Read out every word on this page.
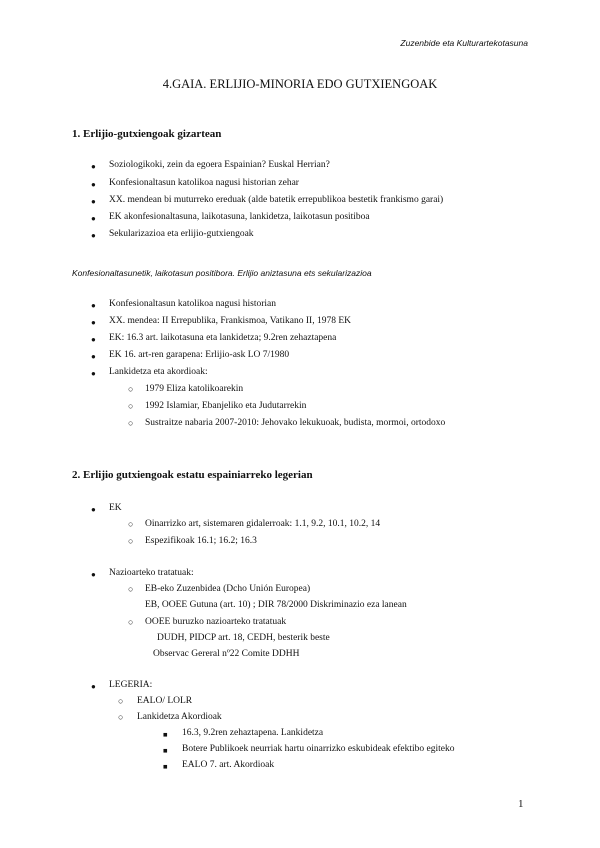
Zuzenbide eta Kulturartekotasuna
4.GAIA. ERLIJIO-MINORIA EDO GUTXIENGOAK
1. Erlijio-gutxiengoak gizartean
● Soziologikoki, zein da egoera Espainian? Euskal Herrian?
● Konfesionaltasun katolikoa nagusi historian zehar
● XX. mendean bi muturreko ereduak (alde batetik errepublikoa bestetik frankismo garai)
● EK akonfesionaltasuna, laikotasuna, lankidetza, laikotasun positiboa
● Sekularizazioa eta erlijio-gutxiengoak
Konfesionaltasunetik, laikotasun positibora. Erlijio aniztasuna ets sekularizazioa
● Konfesionaltasun katolikoa nagusi historian
● XX. mendea: II Errepublika, Frankismoa, Vatikano II, 1978 EK
● EK: 16.3 art. laikotasuna eta lankidetza; 9.2ren zehaztapena
● EK 16. art-ren garapena: Erlijio-ask LO 7/1980
● Lankidetza eta akordioak:
○ 1979 Eliza katolikoarekin
○ 1992 Islamiar, Ebanjeliko eta Judutarrekin
○ Sustraitze nabaria 2007-2010: Jehovako lekukuoak, budista, mormoi, ortodoxo
2. Erlijio gutxiengoak estatu espainiarreko legerian
● EK
○ Oinarrizko art, sistemaren gidalerroak: 1.1, 9.2, 10.1, 10.2, 14
○ Espezifikoak 16.1; 16.2; 16.3
● Nazioarteko tratatuak:
○ EB-eko Zuzenbidea (Dcho Unión Europea)
EB, OOEE Gutuna (art. 10) ; DIR 78/2000 Diskriminazio eza lanean
○ OOEE buruzko nazioarteko tratatuak
DUDH, PIDCP art. 18, CEDH, besterik beste
Observac Gereral nº22 Comite DDHH
● LEGERIA:
○ EALO/ LOLR
○ Lankidetza Akordioak
■ 16.3, 9.2ren zehaztapena. Lankidetza
■ Botere Publikoek neurriak hartu oinarrizko eskubideak efektibo egiteko
■ EALO 7. art. Akordioak
1
